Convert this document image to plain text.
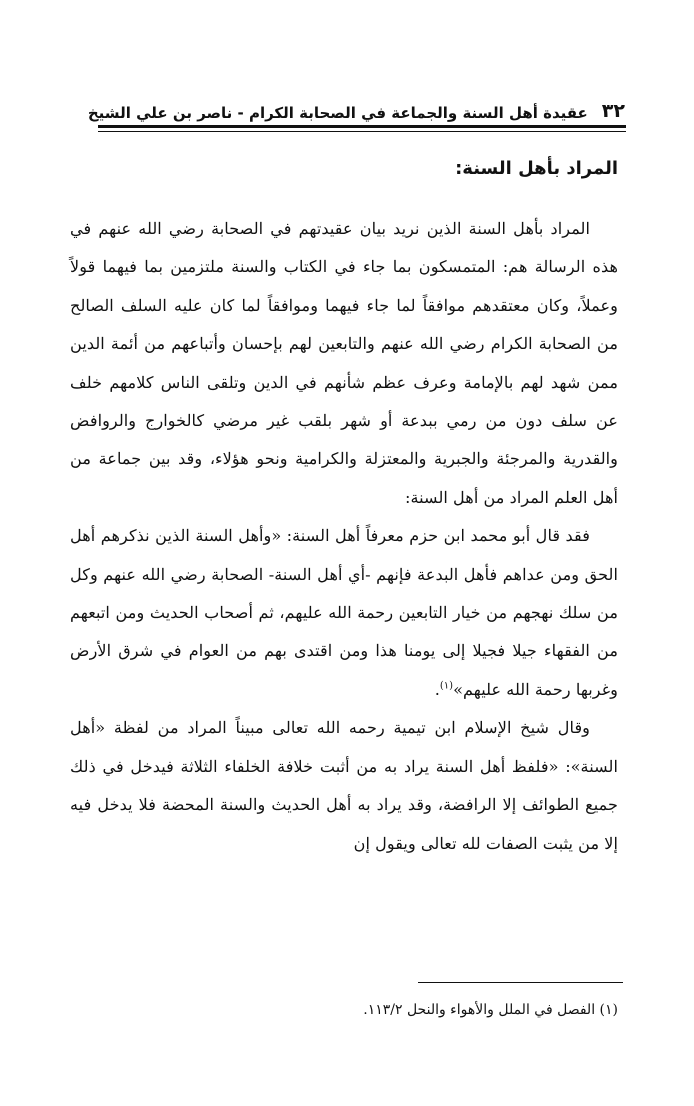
٣٢
عقيدة أهل السنة والجماعة في الصحابة الكرام - ناصر بن علي الشيخ
المراد بأهل السنة:

المراد بأهل السنة الذين نريد بيان عقيدتهم في الصحابة رضي الله عنهم في هذه الرسالة هم: المتمسكون بما جاء في الكتاب والسنة ملتزمين بما فيهما قولاً وعملاً، وكان معتقدهم موافقاً لما جاء فيهما وموافقاً لما كان عليه السلف الصالح من الصحابة الكرام رضي الله عنهم والتابعين لهم بإحسان وأتباعهم من أئمة الدين ممن شهد لهم بالإمامة وعرف عظم شأنهم في الدين وتلقى الناس كلامهم خلف عن سلف دون من رمي ببدعة أو شهر بلقب غير مرضي كالخوارج والروافض والقدرية والمرجئة والجبرية والمعتزلة والكرامية ونحو هؤلاء، وقد بين جماعة من أهل العلم المراد من أهل السنة:

فقد قال أبو محمد ابن حزم معرفاً أهل السنة: «وأهل السنة الذين نذكرهم أهل الحق ومن عداهم فأهل البدعة فإنهم -أي أهل السنة- الصحابة رضي الله عنهم وكل من سلك نهجهم من خيار التابعين رحمة الله عليهم، ثم أصحاب الحديث ومن اتبعهم من الفقهاء جيلا فجيلا إلى يومنا هذا ومن اقتدى بهم من العوام في شرق الأرض وغربها رحمة الله عليهم»$^{(١)}$.

وقال شيخ الإسلام ابن تيمية رحمه الله تعالى مبيناً المراد من لفظة «أهل السنة»: «فلفظ أهل السنة يراد به من أثبت خلافة الخلفاء الثلاثة فيدخل في ذلك جميع الطوائف إلا الرافضة، وقد يراد به أهل الحديث والسنة المحضة فلا يدخل فيه إلا من يثبت الصفات لله تعالى ويقول إن

(١) الفصل في الملل والأهواء والنحل ١١٣/٢.
